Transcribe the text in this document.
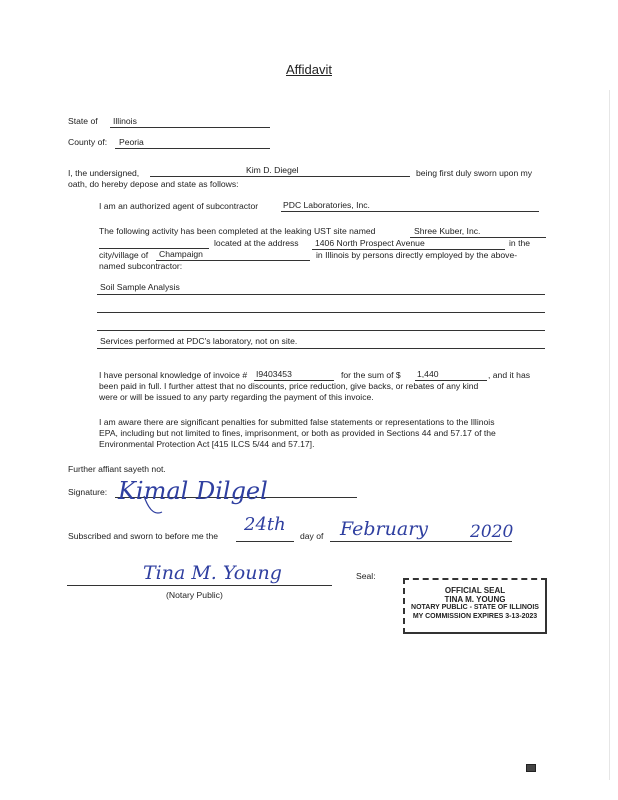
Affidavit
State of Illinois
County of: Peoria
I, the undersigned,	Kim D. Diegel	being first duly sworn upon my
oath, do hereby depose and state as follows:
I am an authorized agent of subcontractor	PDC Laboratories, Inc.
The following activity has been completed at the leaking UST site named	Shree Kuber, Inc.
located at the address 1406 North Prospect Avenue	in the
city/village of Champaign	in Illinois by persons directly employed by the above-
named subcontractor:
Soil Sample Analysis
Services performed at PDC's laboratory, not on site.
I have personal knowledge of invoice # I9403453	for the sum of $ 1,440	, and it has
been paid in full. I further attest that no discounts, price reduction, give backs, or rebates of any kind
were or will be issued to any party regarding the payment of this invoice.
I am aware there are significant penalties for submitted false statements or representations to the Illinois
EPA, including but not limited to fines, imprisonment, or both as provided in Sections 44 and 57.17 of the
Environmental Protection Act [415 ILCS 5/44 and 57.17].
Further affiant sayeth not.
Signature: Kimal Dilgel
Subscribed and sworn to before me the
24th
day of February 2020
Tina M. Young
(Notary Public)
Seal:
OFFICIAL SEAL
TINA M. YOUNG
NOTARY PUBLIC - STATE OF ILLINOIS
MY COMMISSION EXPIRES 3-13-2023
